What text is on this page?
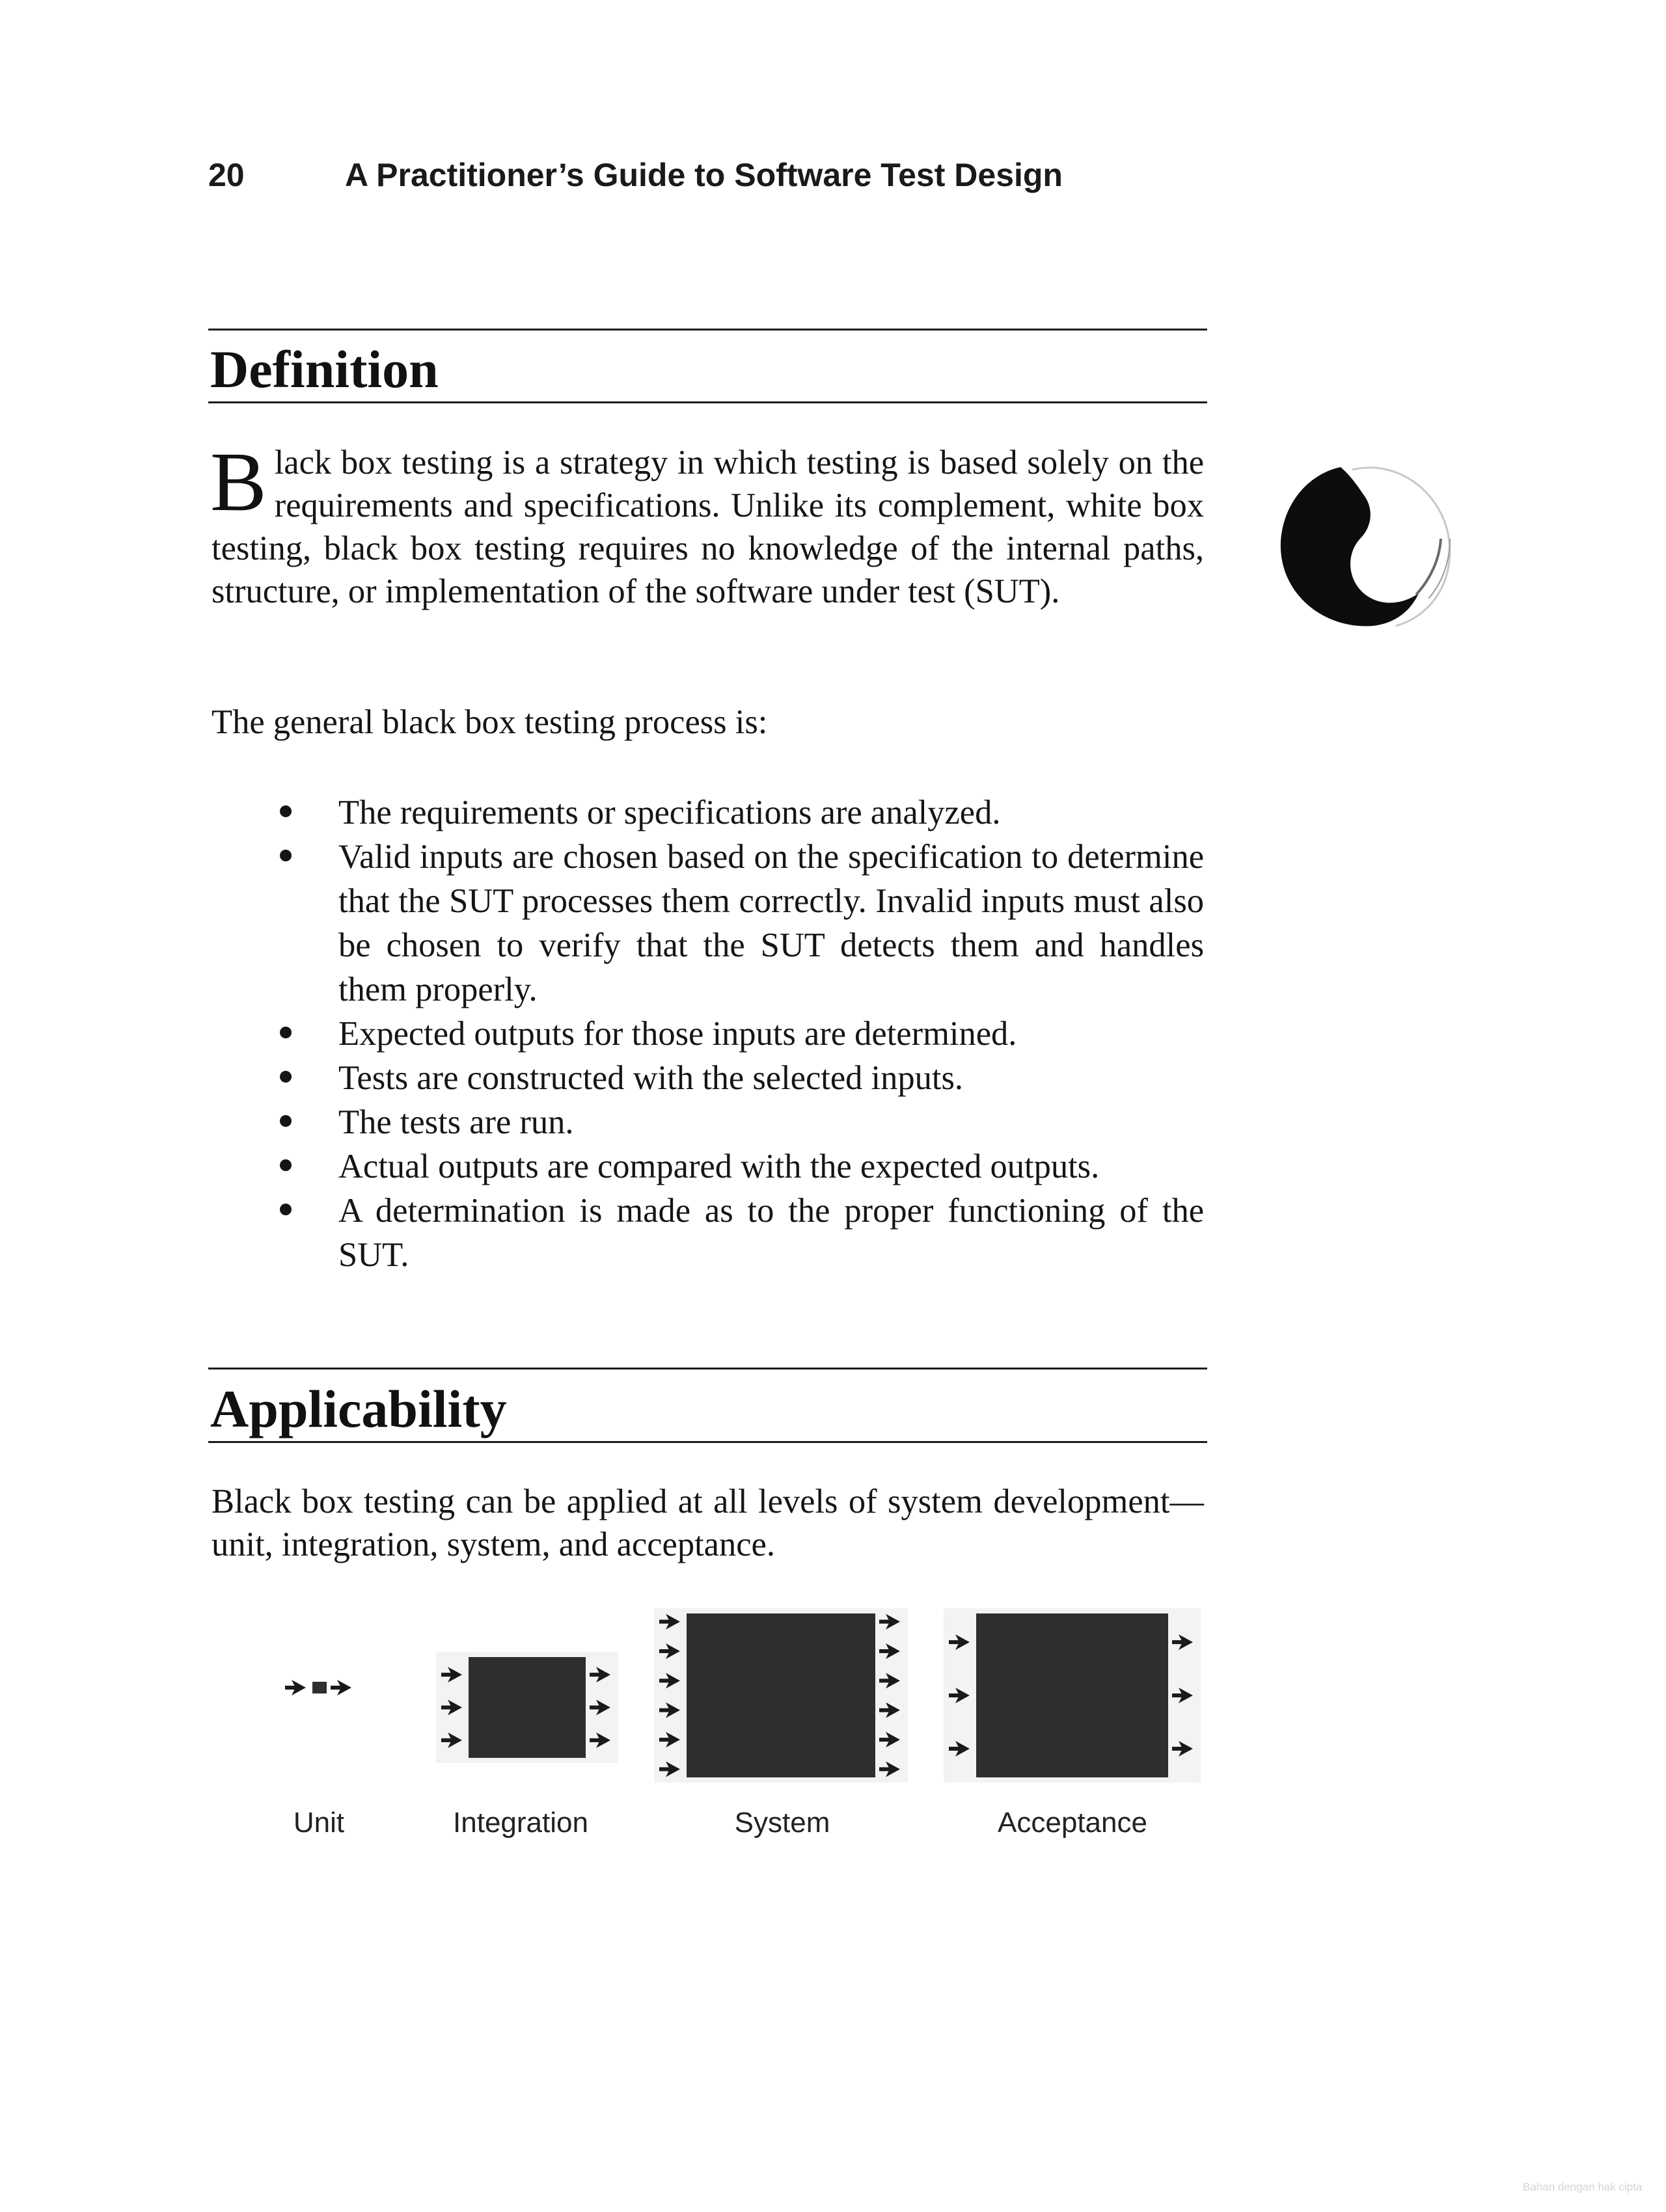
20	A Practitioner’s Guide to Software Test Design
Definition
Black box testing is a strategy in which testing is based solely on the requirements and specifications. Unlike its complement, white box testing, black box testing requires no knowledge of the internal paths, structure, or implementation of the software under test (SUT).
The general black box testing process is:
The requirements or specifications are analyzed.
Valid inputs are chosen based on the specification to determine that the SUT processes them correctly. Invalid inputs must also be chosen to verify that the SUT detects them and handles them properly.
Expected outputs for those inputs are determined.
Tests are constructed with the selected inputs.
The tests are run.
Actual outputs are compared with the expected outputs.
A determination is made as to the proper functioning of the SUT.
Applicability
Black box testing can be applied at all levels of system development—unit, integration, system, and acceptance.
Unit	Integration	System	Acceptance
Bahan dengan hak cipta
